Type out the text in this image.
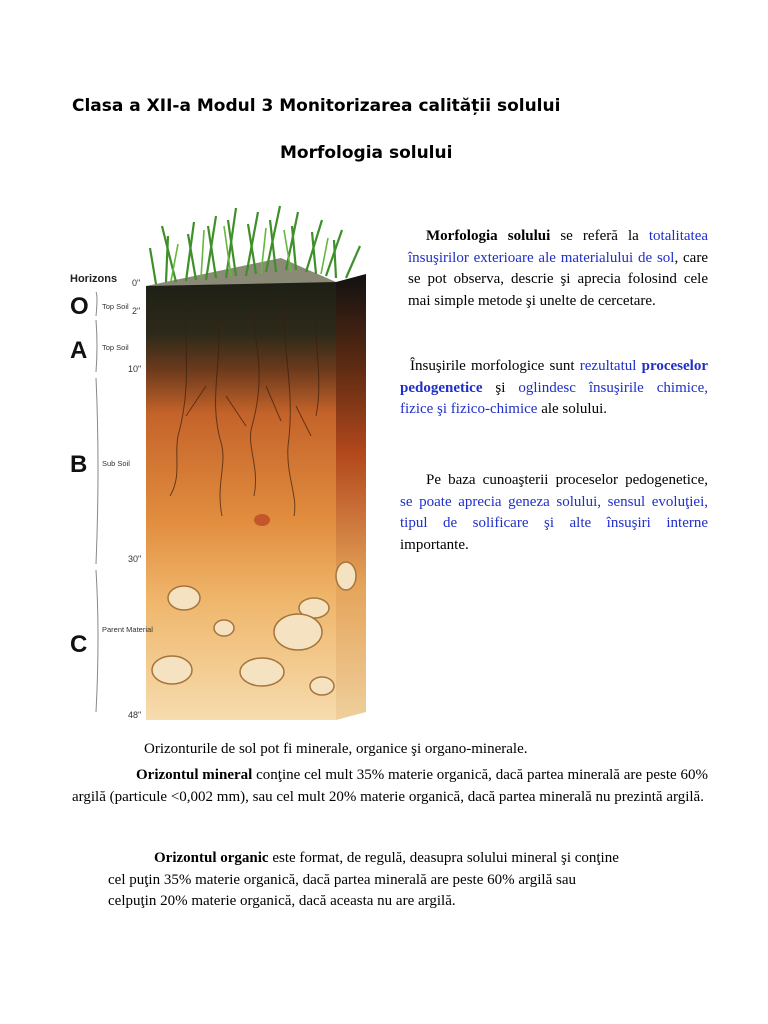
Clasa a XII-a Modul 3 Monitorizarea calității solului
Morfologia solului
Horizons
O
A
B
C
Top Soil
Top Soil
Sub Soil
Parent Material
0"
2"
10"
30"
48"
Morfologia solului se referă la totalitatea însuşirilor exterioare ale materialului de sol, care se pot observa, descrie şi aprecia folosind cele mai simple metode şi unelte de cercetare.
Însuşirile morfologice sunt rezultatul proceselor pedogenetice şi oglindesc însuşirile chimice, fizice şi fizico-chimice ale solului.
Pe baza cunoaşterii proceselor pedogenetice, se poate aprecia geneza solului, sensul evoluţiei, tipul de solificare şi alte însuşiri interne importante.
Orizonturile de sol pot fi minerale, organice şi organo-minerale.
Orizontul mineral conţine cel mult 35% materie organică, dacă partea minerală are peste 60% argilă (particule <0,002 mm), sau cel mult 20% materie organică, dacă partea minerală nu prezintă argilă.
Orizontul organic este format, de regulă, deasupra solului mineral şi conţine
cel puţin 35% materie organică, dacă partea minerală are peste 60% argilă sau
celpuţin 20% materie organică, dacă aceasta nu are argilă.
